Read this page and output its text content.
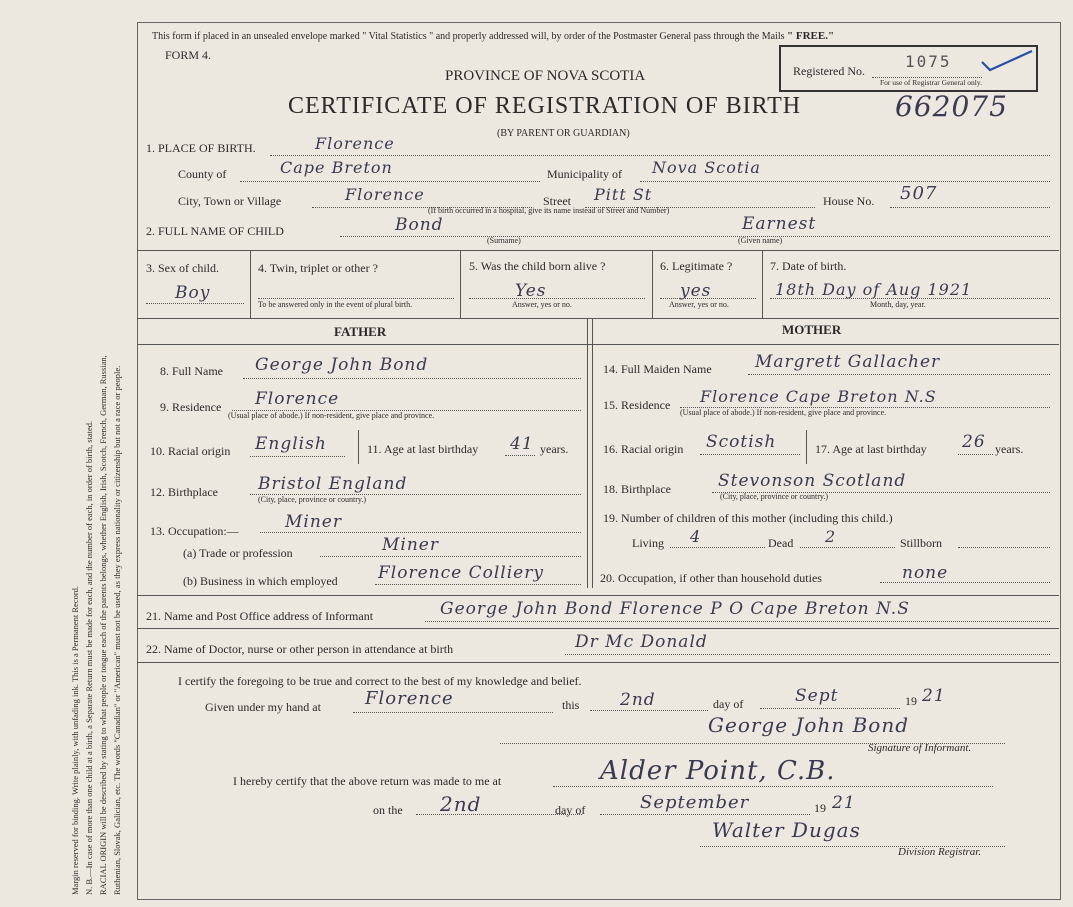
Margin reserved for binding. Write plainly, with unfading ink. This is a Permanent Record. N. B.—In case of more than one child at a birth, a Separate Return must be made for each, and the number of each, in order of birth, stated. RACIAL ORIGIN will be described by stating to what people or tongue each of the parents belongs, whether English, Irish, Scotch, French, German, Russian, Ruthenian, Slovak, Galician, etc. The words "Canadian" or "American" must not be used, as they express nationality or citizenship but not a race or people.
This form if placed in an unsealed envelope marked " Vital Statistics " and properly addressed will, by order of the Postmaster General pass through the Mails " FREE."
FORM 4.
PROVINCE OF NOVA SCOTIA
CERTIFICATE OF REGISTRATION OF BIRTH	662075
(BY PARENT OR GUARDIAN)
Registered No.	1075
For use of Registrar General only.
1. PLACE OF BIRTH.	Florence
County of	Cape Breton	Municipality of Nova Scotia
City, Town or Village	Florence	Street Pitt St	House No. 507
(If birth occurred in a hospital, give its name instead of Street and Number)
2. FULL NAME OF CHILD	Bond
(Surname)
Earnest
(Given name)
3. Sex of child.
Boy
4. Twin, triplet or other ?
To be answered only in the event of plural birth.
5. Was the child born alive ?
Yes
Answer, yes or no.
6. Legitimate ?
yes
Answer, yes or no.
7. Date of birth.
18th Day of Aug 1921
Month, day, year.
FATHER	MOTHER
8. Full Name George John Bond
9. Residence Florence
(Usual place of abode.) If non-resident, give place and province.
10. Racial origin English	11. Age at last birthday 41 years.
12. Birthplace Bristol England
(City, place, province or country.)
13. Occupation:—	Miner
(a) Trade or profession	Miner
(b) Business in which employed Florence Colliery
14. Full Maiden Name	Margrett Gallacher
15. Residence Florence Cape Breton N.S
(Usual place of abode.) If non-resident, give place and province.
16. Racial origin Scotish	17. Age at last birthday 26 years.
18. Birthplace	Stevonson Scotland
(City, place, province or country.)
19. Number of children of this mother (including this child.)
Living 4	Dead 2	Stillborn
20. Occupation, if other than household duties	none
21. Name and Post Office address of Informant	George John Bond Florence P O Cape Breton N.S
22. Name of Doctor, nurse or other person in attendance at birth	Dr Mc Donald
I certify the foregoing to be true and correct to the best of my knowledge and belief.
Given under my hand at Florence	this 2nd	day of	Sept	19 21
George John Bond
Signature of Informant.
I hereby certify that the above return was made to me at	Alder Point, C.B.
on the 2nd	day of	September	19 21
Walter Dugas
Division Registrar.
